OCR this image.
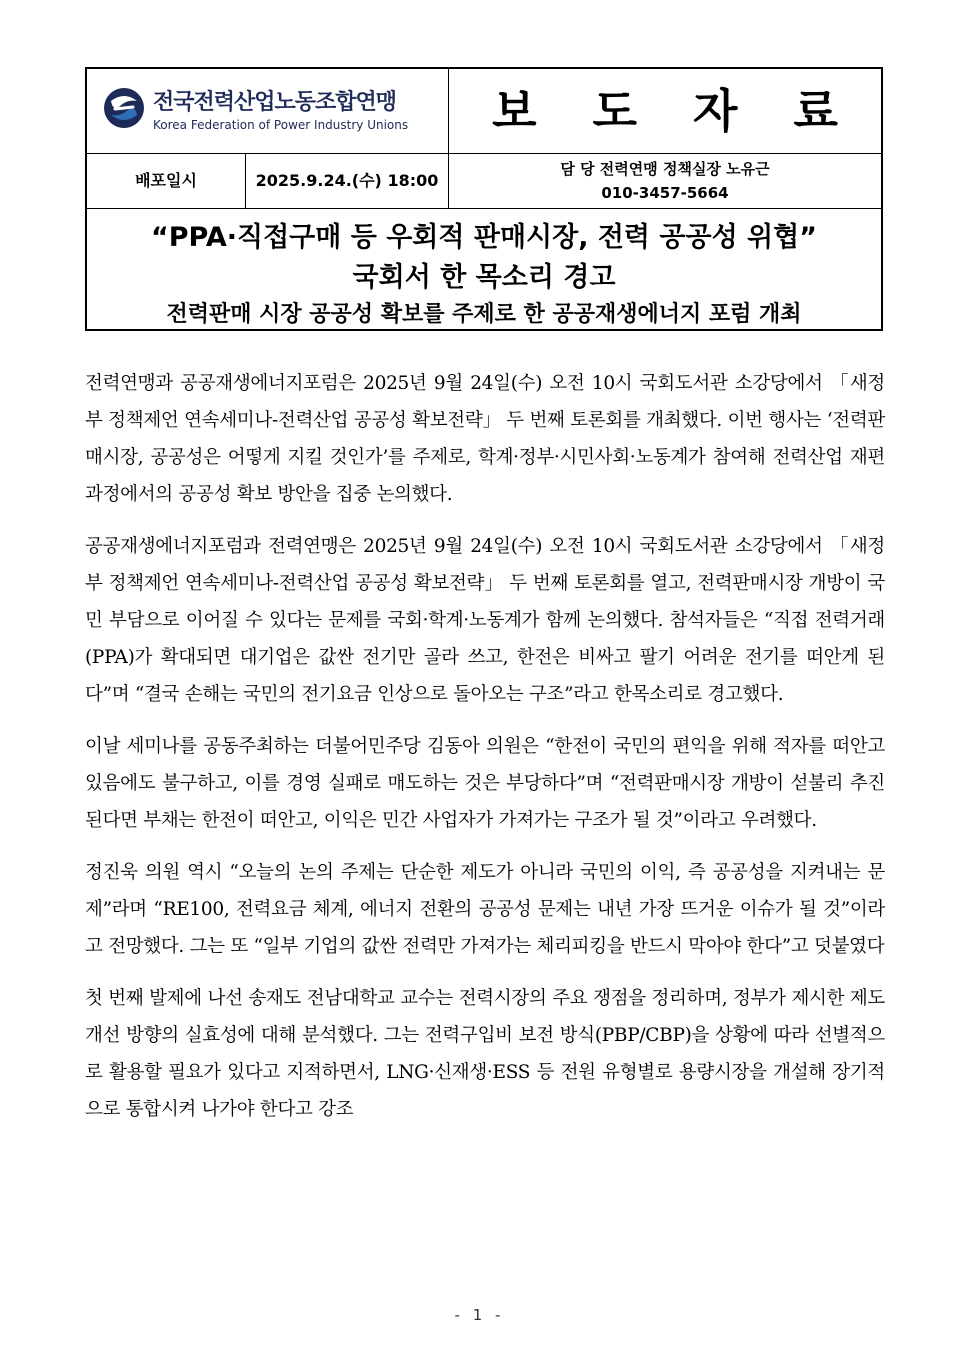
전국전력산업노동조합연맹
Korea Federation of Power Industry Unions	보 도 자 료
배포일시	2025.9.24.(수) 18:00
담 당 전력연맹 정책실장 노유근
010-3457-5664
“PPA·직접구매 등 우회적 판매시장, 전력 공공성 위협”
국회서 한 목소리 경고
전력판매 시장 공공성 확보를 주제로 한 공공재생에너지 포럼 개최

전력연맹과 공공재생에너지포럼은 2025년 9월 24일(수) 오전 10시 국회도서관 소강당에서 「새정부 정책제언 연속세미나-전력산업 공공성 확보전략」 두 번째 토론회를 개최했다. 이번 행사는 ‘전력판매시장, 공공성은 어떻게 지킬 것인가’를 주제로, 학계·정부·시민사회·노동계가 참여해 전력산업 재편 과정에서의 공공성 확보 방안을 집중 논의했다.

공공재생에너지포럼과 전력연맹은 2025년 9월 24일(수) 오전 10시 국회도서관 소강당에서 「새정부 정책제언 연속세미나-전력산업 공공성 확보전략」 두 번째 토론회를 열고, 전력판매시장 개방이 국민 부담으로 이어질 수 있다는 문제를 국회·학계·노동계가 함께 논의했다. 참석자들은 “직접 전력거래(PPA)가 확대되면 대기업은 값싼 전기만 골라 쓰고, 한전은 비싸고 팔기 어려운 전기를 떠안게 된다”며 “결국 손해는 국민의 전기요금 인상으로 돌아오는 구조”라고 한목소리로 경고했다.

이날 세미나를 공동주최하는 더불어민주당 김동아 의원은 “한전이 국민의 편익을 위해 적자를 떠안고 있음에도 불구하고, 이를 경영 실패로 매도하는 것은 부당하다”며 “전력판매시장 개방이 섣불리 추진된다면 부채는 한전이 떠안고, 이익은 민간 사업자가 가져가는 구조가 될 것”이라고 우려했다.

정진욱 의원 역시 “오늘의 논의 주제는 단순한 제도가 아니라 국민의 이익, 즉 공공성을 지켜내는 문제”라며 “RE100, 전력요금 체계, 에너지 전환의 공공성 문제는 내년 가장 뜨거운 이슈가 될 것”이라고 전망했다. 그는 또 “일부 기업의 값싼 전력만 가져가는 체리피킹을 반드시 막아야 한다”고 덧붙였다

첫 번째 발제에 나선 송재도 전남대학교 교수는 전력시장의 주요 쟁점을 정리하며, 정부가 제시한 제도개선 방향의 실효성에 대해 분석했다. 그는 전력구입비 보전 방식(PBP/CBP)을 상황에 따라 선별적으로 활용할 필요가 있다고 지적하면서, LNG·신재생·ESS 등 전원 유형별로 용량시장을 개설해 장기적으로 통합시켜 나가야 한다고 강조

- 1 -
